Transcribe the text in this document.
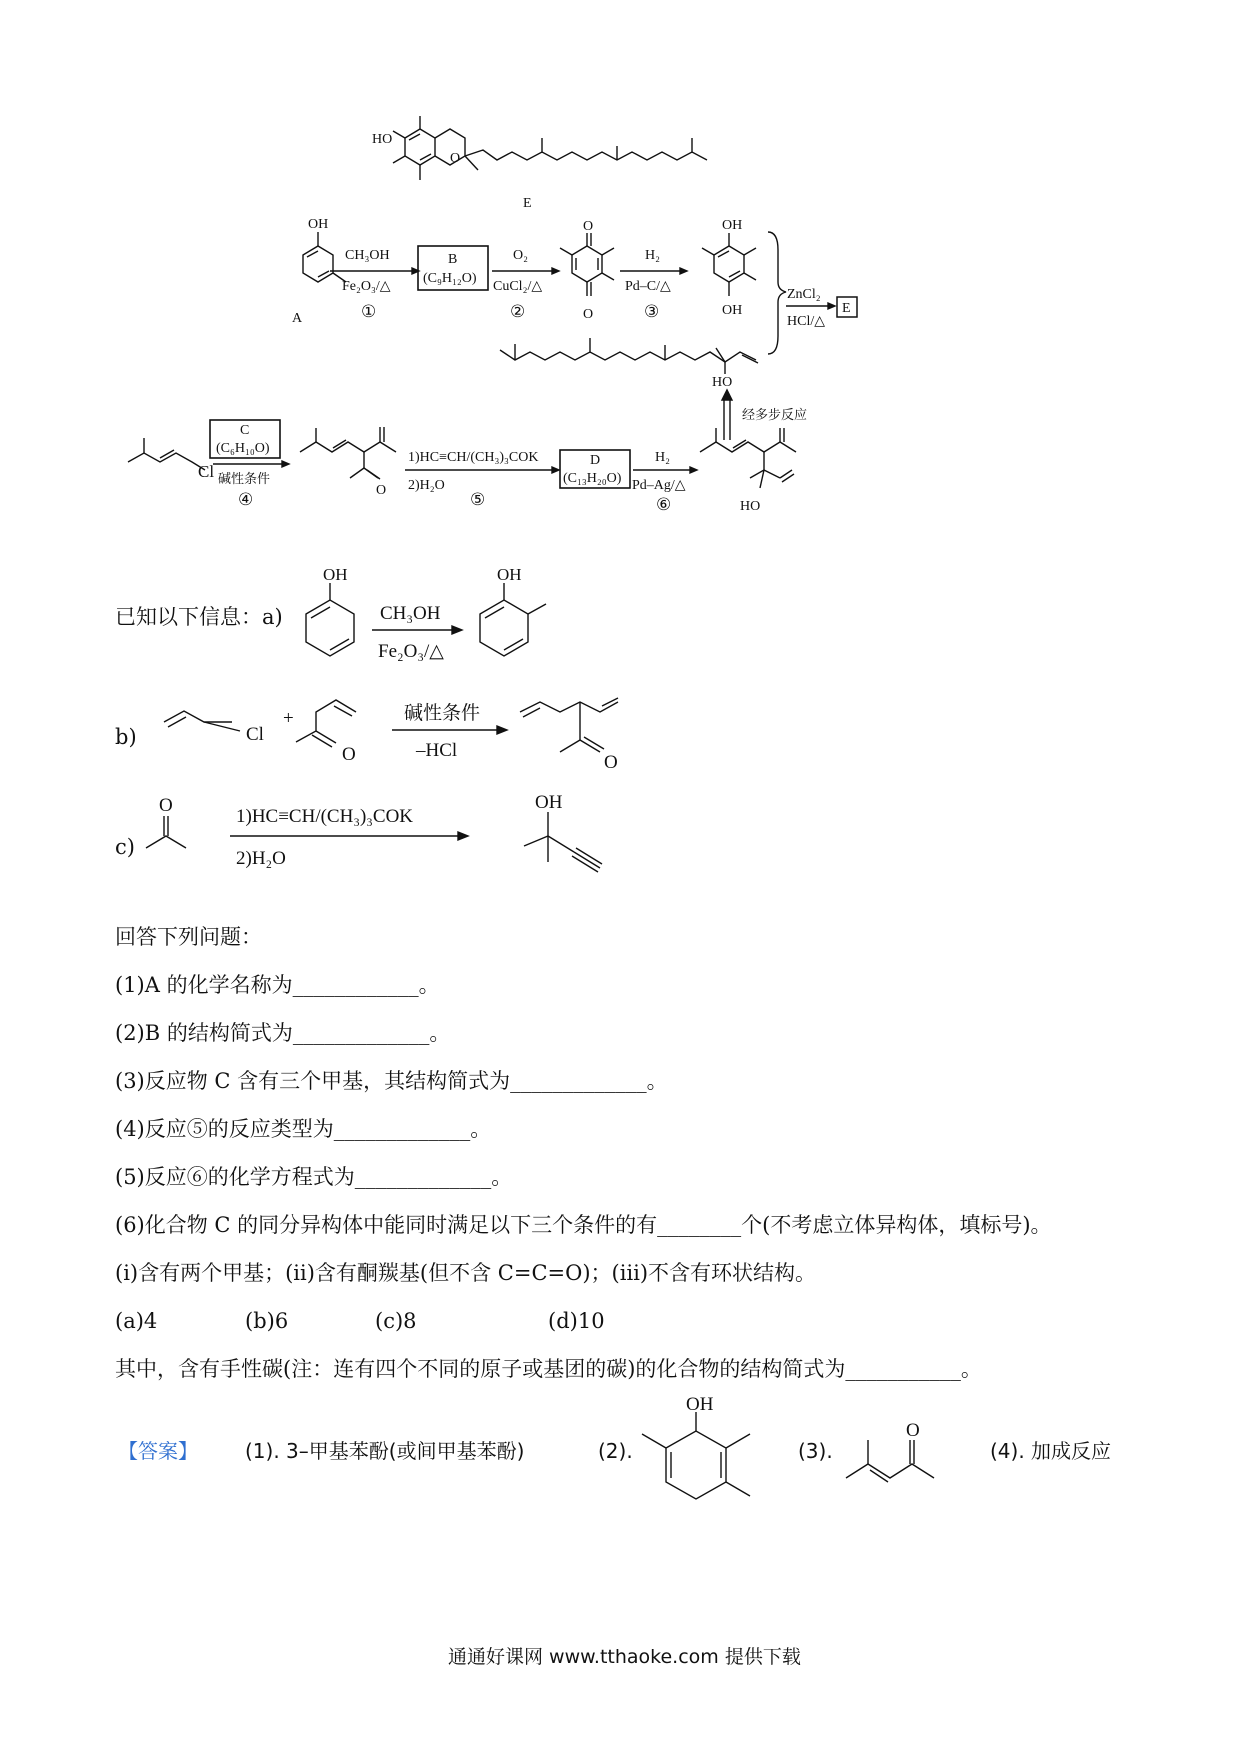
HO
O
E
OH
A
CH₃OH
Fe₂O₃/△
①
B
(C₉H₁₂O)
O₂
CuCl₂/△
②
O
O
H₂
Pd–C/△
③
OH
OH
ZnCl₂
HCl/△
E
HO
经多步反应
Cl
C
(C₆H₁₀O)
碱性条件
④	O
1)HC≡CH/(CH₃)₃COK
2)H₂O
⑤
D
(C₁₃H₂₀O)
H₂
Pd–Ag/△
⑥	HO
已知以下信息：a)
OH
CH₃OH
Fe₂O₃/△
OH
Cl
+
O
碱性条件
–HCl
O
O
1)HC≡CH/(CH₃)₃COK
2)H₂O
OH
b)
c)
回答下列问题：
(1)A 的化学名称为____________。
(2)B 的结构简式为_____________。
(3)反应物 C 含有三个甲基，其结构简式为_____________。
(4)反应⑤的反应类型为_____________。
(5)反应⑥的化学方程式为_____________。
(6)化合物 C 的同分异构体中能同时满足以下三个条件的有________个(不考虑立体异构体，填标号)。
(ⅰ)含有两个甲基；(ⅱ)含有酮羰基(但不含 C=C=O)；(ⅲ)不含有环状结构。
(a)4	(b)6	(c)8	(d)10
其中，含有手性碳(注：连有四个不同的原子或基团的碳)的化合物的结构简式为___________。
【答案】 (1). 3–甲基苯酚(或间甲基苯酚)	(2).	(3).	(4). 加成反应
OH
O
通通好课网 www.tthaoke.com 提供下载
